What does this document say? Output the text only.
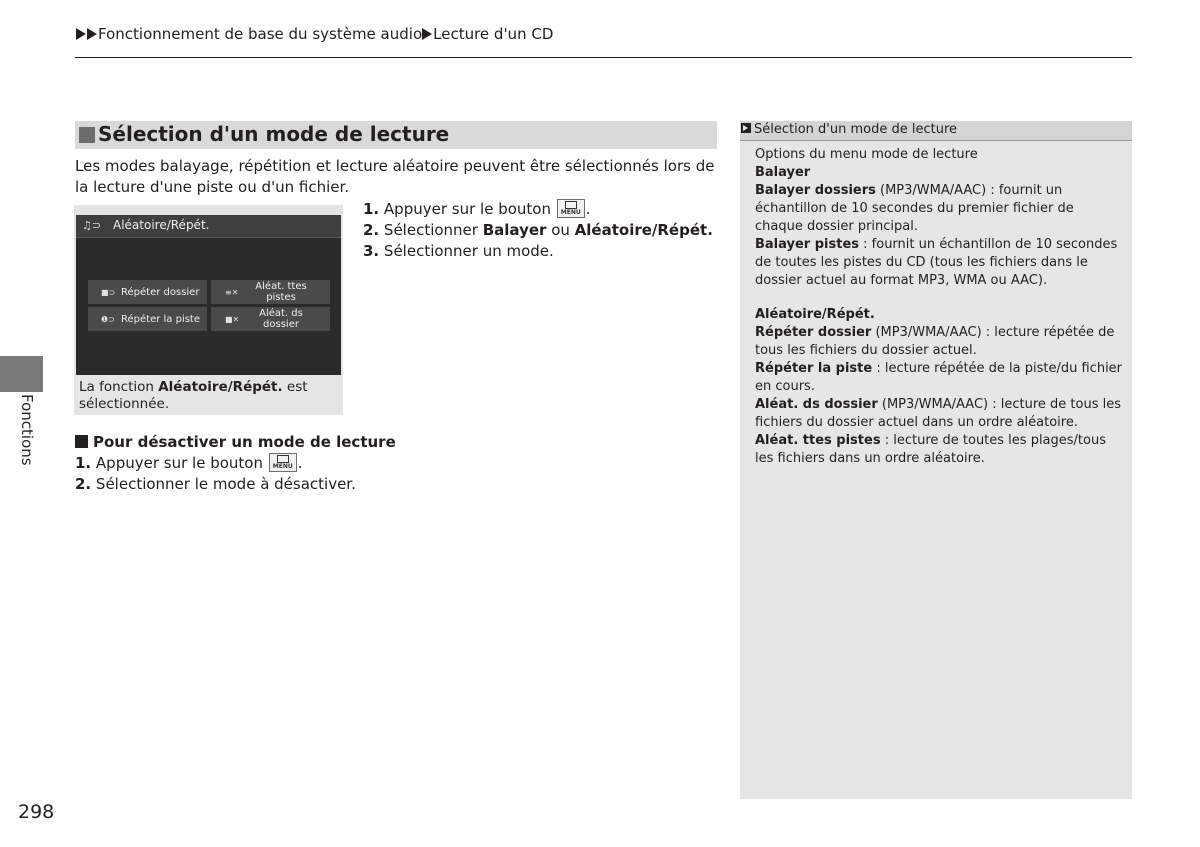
Fonctionnement de base du système audio Lecture d'un CD
Fonctions
298
Sélection d'un mode de lecture
Les modes balayage, répétition et lecture aléatoire peuvent être sélectionnés lors de la lecture d'une piste ou d'un fichier.
♫⊃ Aléatoire/Répét.
■⊃ Répéter dossier	≡✕
Aléat. ttes pistes
❶⊃ Répéter la piste	■✕
Aléat. ds dossier
La fonction Aléatoire/Répét. est sélectionnée.
1. Appuyer sur le bouton MENU .
2. Sélectionner Balayer ou Aléatoire/Répét.
3. Sélectionner un mode.
Pour désactiver un mode de lecture
1. Appuyer sur le bouton MENU .
2. Sélectionner le mode à désactiver.
Sélection d'un mode de lecture

Options du menu mode de lecture

Balayer

Balayer dossiers (MP3/WMA/AAC) : fournit un échantillon de 10 secondes du premier fichier de chaque dossier principal.

Balayer pistes : fournit un échantillon de 10 secondes de toutes les pistes du CD (tous les fichiers dans le dossier actuel au format MP3, WMA ou AAC).

Aléatoire/Répét.

Répéter dossier (MP3/WMA/AAC) : lecture répétée de tous les fichiers du dossier actuel.

Répéter la piste : lecture répétée de la piste/du fichier en cours.

Aléat. ds dossier (MP3/WMA/AAC) : lecture de tous les fichiers du dossier actuel dans un ordre aléatoire.

Aléat. ttes pistes : lecture de toutes les plages/tous les fichiers dans un ordre aléatoire.
